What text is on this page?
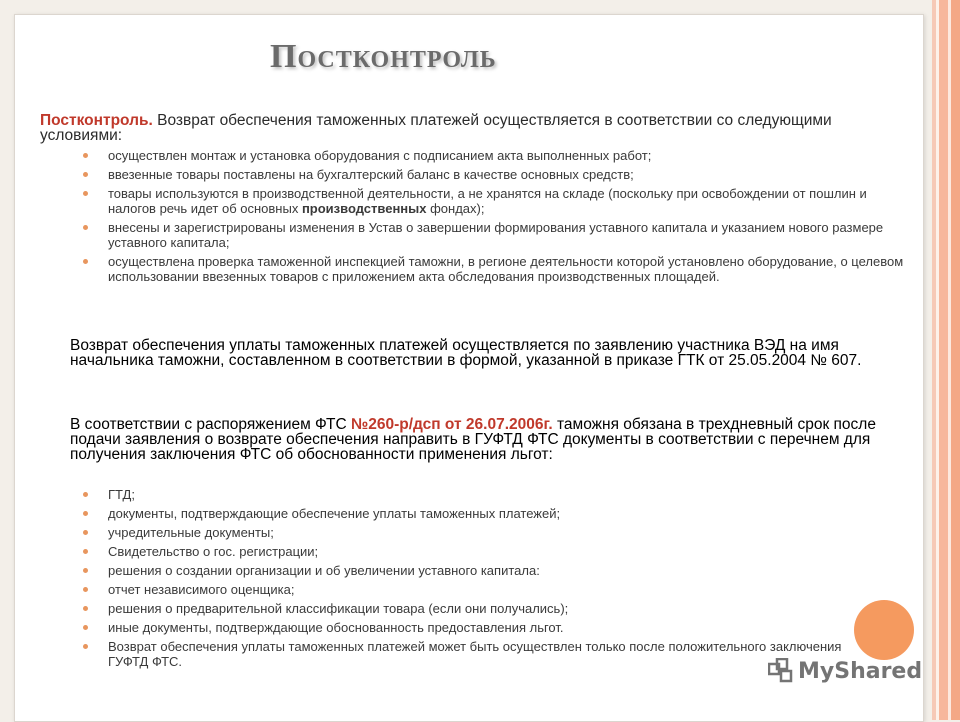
Постконтроль

Постконтроль. Возврат обеспечения таможенных платежей осуществляется в соответствии со следующими условиями:

осуществлен монтаж и установка оборудования с подписанием акта выполненных работ;
ввезенные товары поставлены на бухгалтерский баланс в качестве основных средств;
товары используются в производственной деятельности, а не хранятся на складе (поскольку при освобождении от пошлин и налогов речь идет об основных производственных фондах);
внесены и зарегистрированы изменения в Устав о завершении формирования уставного капитала и указанием нового размере уставного капитала;
осуществлена проверка таможенной инспекцией таможни, в регионе деятельности которой установлено оборудование, о целевом использовании ввезенных товаров с приложением акта обследования производственных площадей.

Возврат обеспечения уплаты таможенных платежей осуществляется по заявлению участника ВЭД на имя начальника таможни, составленном в соответствии в формой, указанной в приказе ГТК от 25.05.2004 № 607.

В соответствии с распоряжением ФТС №260-р/дсп от 26.07.2006г. таможня обязана в трехдневный срок после подачи заявления о возврате обеспечения направить в ГУФТД ФТС документы в соответствии с перечнем для получения заключения ФТС об обоснованности применения льгот:

ГТД;
документы, подтверждающие обеспечение уплаты таможенных платежей;
учредительные документы;
Свидетельство о гос. регистрации;
решения о создании организации и об увеличении уставного капитала:
отчет независимого оценщика;
решения о предварительной классификации товара (если они получались);
иные документы, подтверждающие обоснованность предоставления льгот.
Возврат обеспечения уплаты таможенных платежей может быть осуществлен только после положительного заключения ГУФТД ФТС.	MyShared
